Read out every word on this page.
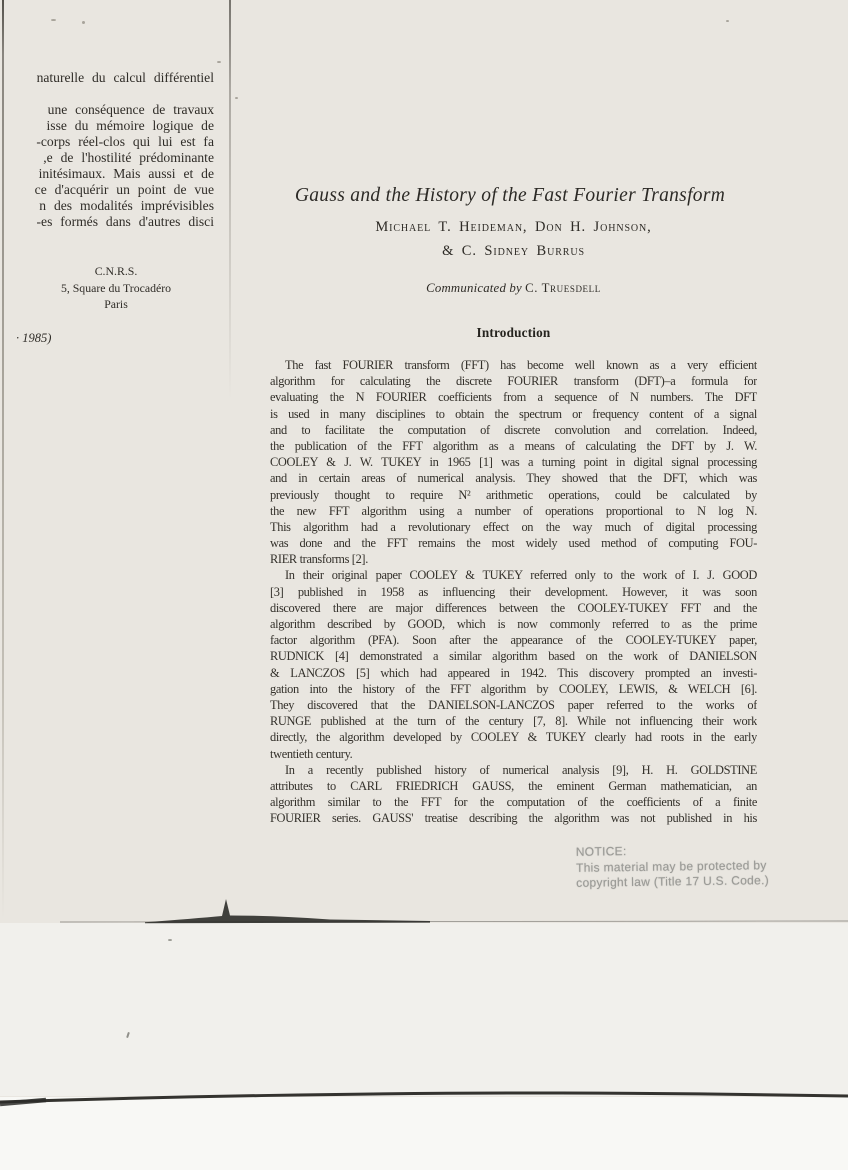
naturelle du calcul différentiel
une conséquence de travaux
isse du mémoire logique de
corps réel-clos qui lui est fa-
e de l'hostilité prédominante,
initésimaux. Mais aussi et de
ce d'acquérir un point de vue
n des modalités imprévisibles
es formés dans d'autres disci-
C.N.R.S.
5, Square du Trocadéro
Paris
· 1985)
Gauss and the History of the Fast Fourier Transform
Michael T. Heideman, Don H. Johnson,
& C. Sidney Burrus
Communicated by C. Truesdell
Introduction
The fast FOURIER transform (FFT) has become well known as a very efficient
algorithm for calculating the discrete FOURIER transform (DFT)–a formula for
evaluating the N FOURIER coefficients from a sequence of N numbers. The DFT
is used in many disciplines to obtain the spectrum or frequency content of a signal
and to facilitate the computation of discrete convolution and correlation. Indeed,
the publication of the FFT algorithm as a means of calculating the DFT by J. W.
COOLEY & J. W. TUKEY in 1965 [1] was a turning point in digital signal processing
and in certain areas of numerical analysis. They showed that the DFT, which was
previously thought to require N² arithmetic operations, could be calculated by
the new FFT algorithm using a number of operations proportional to N log N.
This algorithm had a revolutionary effect on the way much of digital processing
was done and the FFT remains the most widely used method of computing FOU-
RIER transforms [2].
In their original paper COOLEY & TUKEY referred only to the work of I. J. GOOD
[3] published in 1958 as influencing their development. However, it was soon
discovered there are major differences between the COOLEY-TUKEY FFT and the
algorithm described by GOOD, which is now commonly referred to as the prime
factor algorithm (PFA). Soon after the appearance of the COOLEY-TUKEY paper,
RUDNICK [4] demonstrated a similar algorithm based on the work of DANIELSON
& LANCZOS [5] which had appeared in 1942. This discovery prompted an investi-
gation into the history of the FFT algorithm by COOLEY, LEWIS, & WELCH [6].
They discovered that the DANIELSON-LANCZOS paper referred to the works of
RUNGE published at the turn of the century [7, 8]. While not influencing their work
directly, the algorithm developed by COOLEY & TUKEY clearly had roots in the early
twentieth century.
In a recently published history of numerical analysis [9], H. H. GOLDSTINE
attributes to CARL FRIEDRICH GAUSS, the eminent German mathematician, an
algorithm similar to the FFT for the computation of the coefficients of a finite
FOURIER series. GAUSS' treatise describing the algorithm was not published in his
NOTICE:
This material may be protected by
copyright law (Title 17 U.S. Code.)
